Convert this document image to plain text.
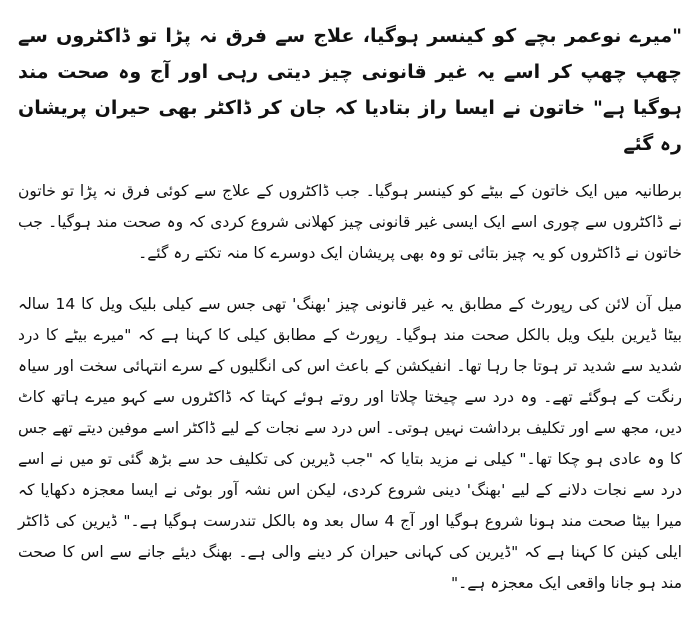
"میرے نوعمر بچے کو کینسر ہوگیا، علاج سے فرق نہ پڑا تو ڈاکٹروں سے چھپ چھپ کر اسے یہ غیر قانونی چیز دیتی رہی اور آج وہ صحت مند ہوگیا ہے" خاتون نے ایسا راز بتادیا کہ جان کر ڈاکٹر بھی حیران پریشان رہ گئے

برطانیہ میں ایک خاتون کے بیٹے کو کینسر ہوگیا۔ جب ڈاکٹروں کے علاج سے کوئی فرق نہ پڑا تو خاتون نے ڈاکٹروں سے چوری اسے ایک ایسی غیر قانونی چیز کھلانی شروع کردی کہ وہ صحت مند ہوگیا۔ جب خاتون نے ڈاکٹروں کو یہ چیز بتائی تو وہ بھی پریشان ایک دوسرے کا منہ تکتے رہ گئے۔

میل آن لائن کی رپورٹ کے مطابق یہ غیر قانونی چیز 'بھنگ' تھی جس سے کیلی بلیک ویل کا 14 سالہ بیٹا ڈیرین بلیک ویل بالکل صحت مند ہوگیا۔ رپورٹ کے مطابق کیلی کا کہنا ہے کہ "میرے بیٹے کا درد شدید سے شدید تر ہوتا جا رہا تھا۔ انفیکشن کے باعث اس کی انگلیوں کے سرے انتہائی سخت اور سیاہ رنگت کے ہوگئے تھے۔ وہ درد سے چیختا چلاتا اور روتے ہوئے کہتا کہ ڈاکٹروں سے کہو میرے ہاتھ کاٹ دیں، مجھ سے اور تکلیف برداشت نہیں ہوتی۔ اس درد سے نجات کے لیے ڈاکٹر اسے موفین دیتے تھے جس کا وہ عادی ہو چکا تھا۔" کیلی نے مزید بتایا کہ "جب ڈیرین کی تکلیف حد سے بڑھ گئی تو میں نے اسے درد سے نجات دلانے کے لیے 'بھنگ' دینی شروع کردی، لیکن اس نشہ آور بوٹی نے ایسا معجزہ دکھایا کہ میرا بیٹا صحت مند ہونا شروع ہوگیا اور آج 4 سال بعد وہ بالکل تندرست ہوگیا ہے۔" ڈیرین کی ڈاکٹر ایلی کینن کا کہنا ہے کہ "ڈیرین کی کہانی حیران کر دینے والی ہے۔ بھنگ دیئے جانے سے اس کا صحت مند ہو جانا واقعی ایک معجزہ ہے۔"
